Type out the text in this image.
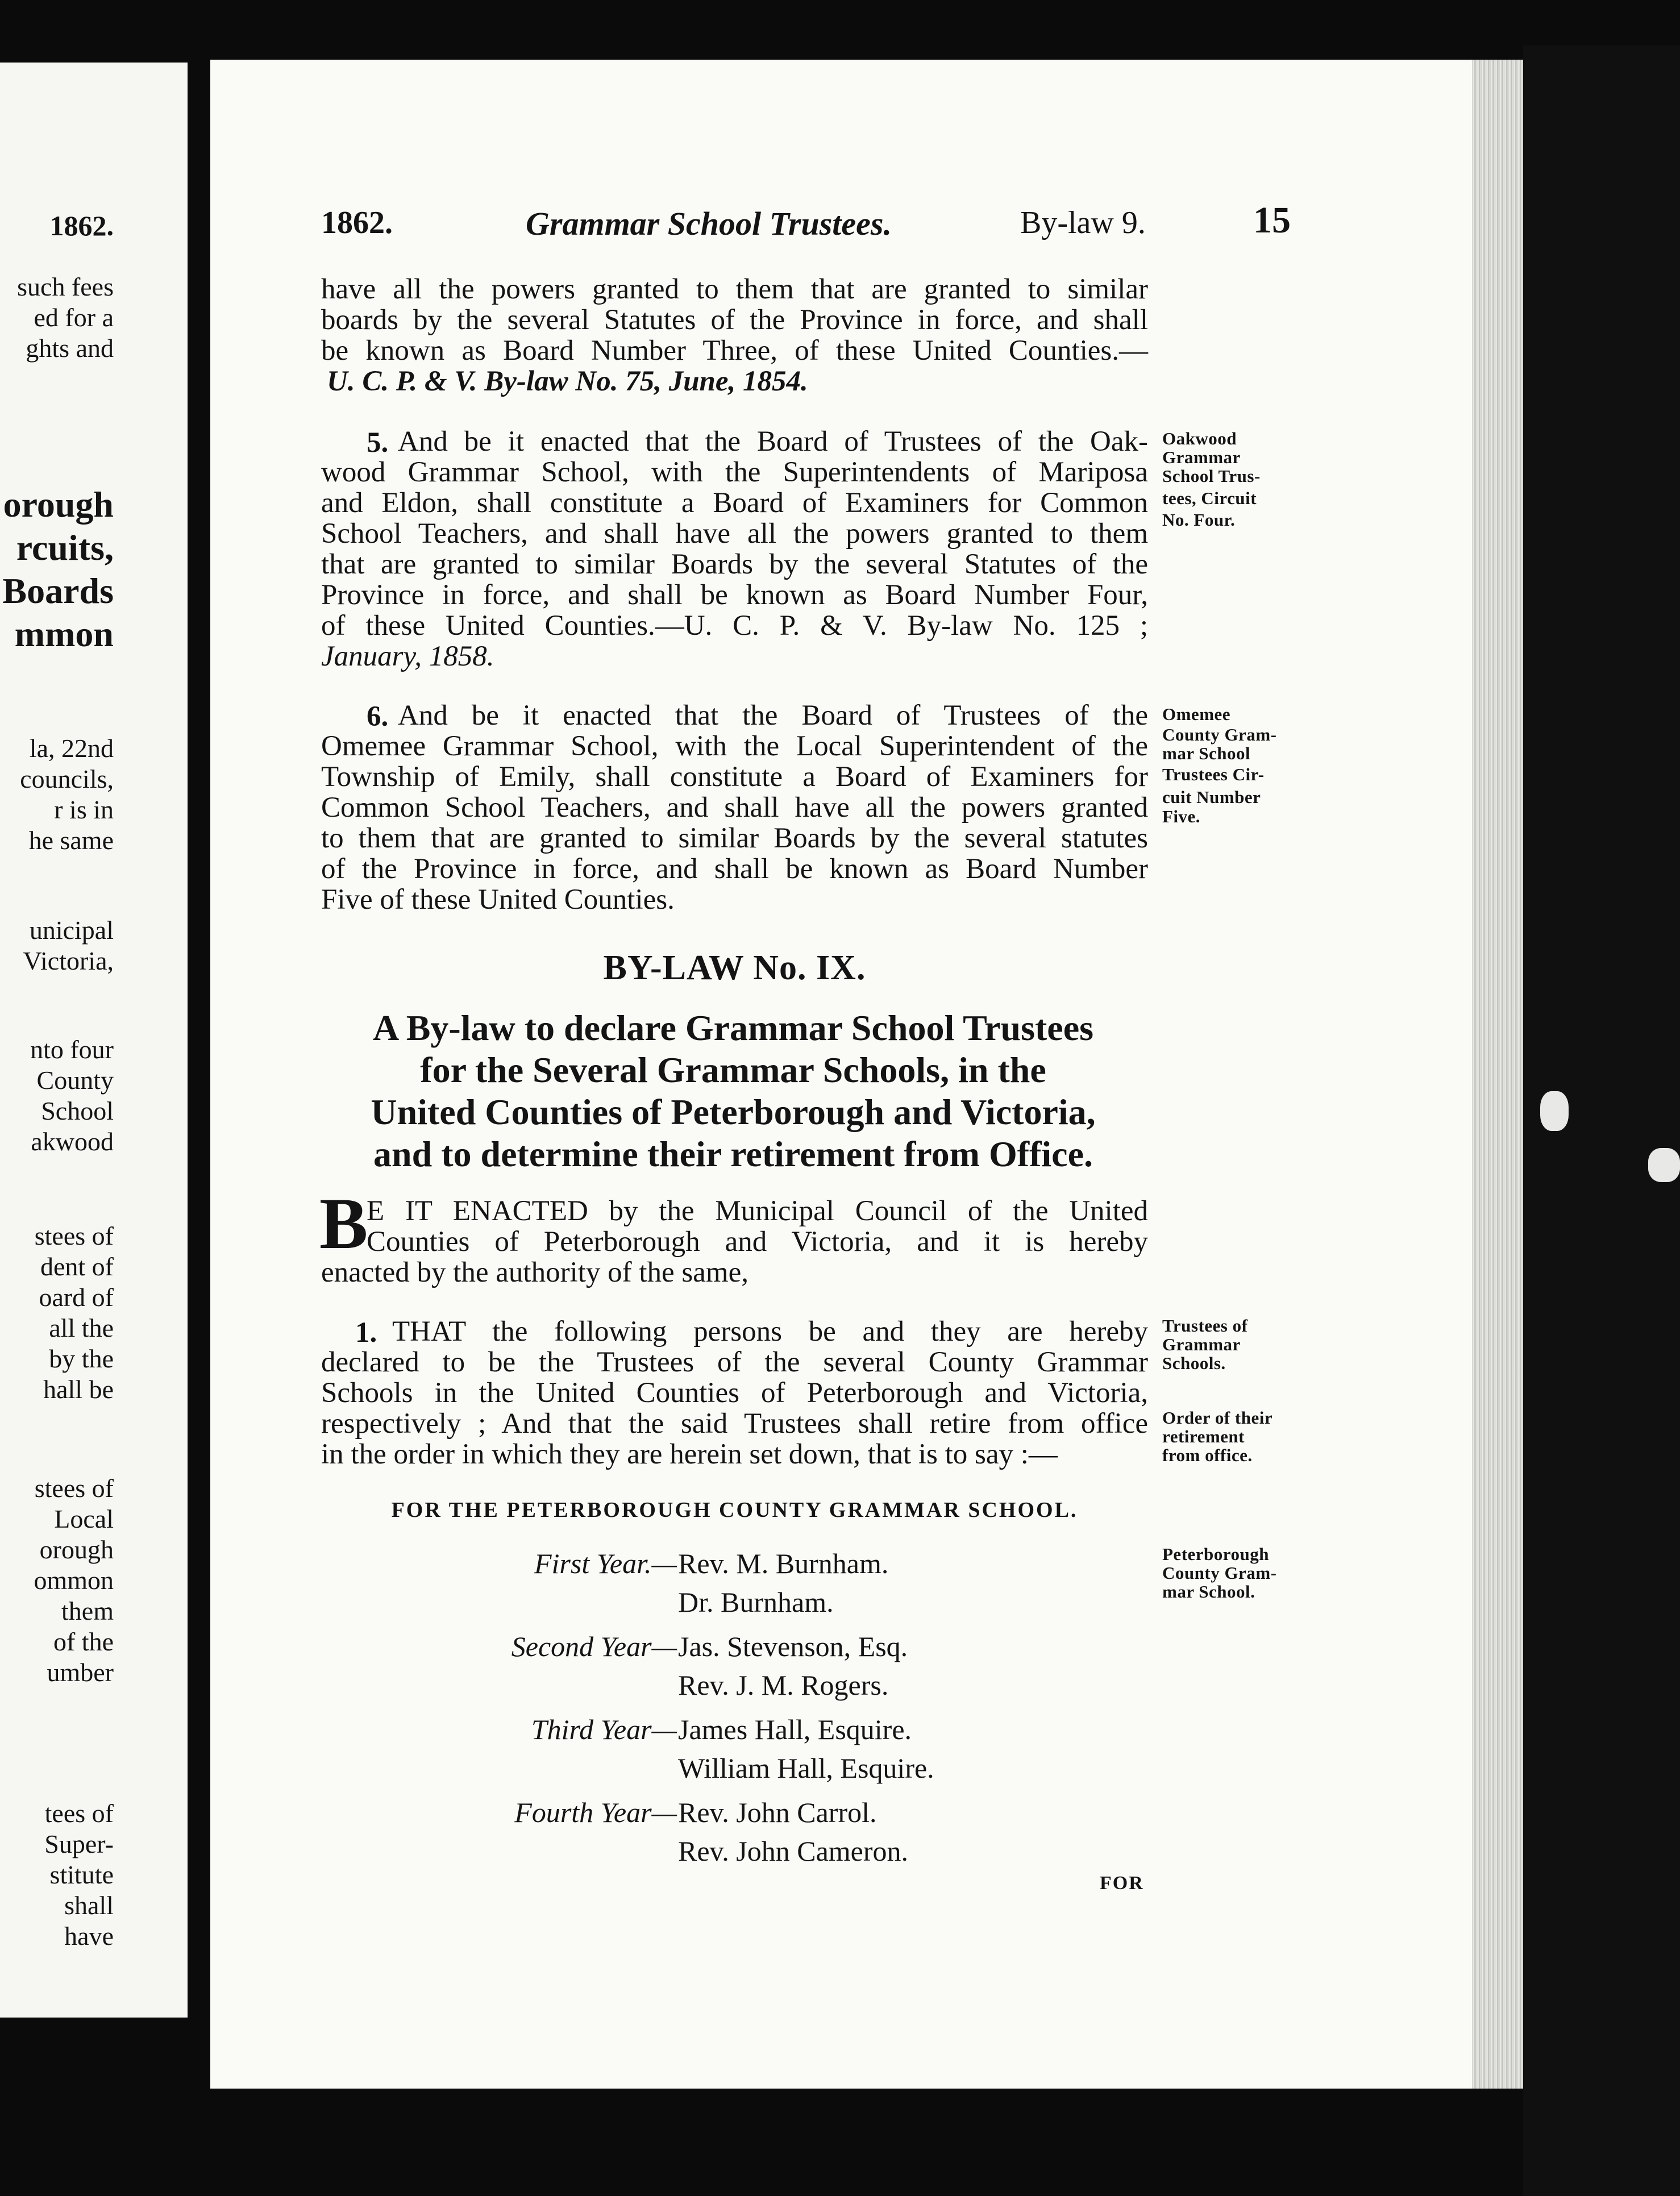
1862.
such fees
ed for a
ghts and
orough
rcuits,
Boards
mmon
la, 22nd
councils,
r is in
he same
unicipal
Victoria,
nto four
County
School
akwood
stees of
dent of
oard of
all the
by the
hall be
stees of
Local
orough
ommon
them
of the
umber
tees of
Super-
stitute
shall
have
1862.	Grammar School Trustees.	By-law 9.	15
have all the powers granted to them that are granted to similar
boards by the several Statutes of the Province in force, and shall
be known as Board Number Three, of these United Counties.—
U. C. P. & V. By-law No. 75, June, 1854.
5. And be it enacted that the Board of Trustees of the Oak-
wood Grammar School, with the Superintendents of Mariposa
and Eldon, shall constitute a Board of Examiners for Common
School Teachers, and shall have all the powers granted to them
that are granted to similar Boards by the several Statutes of the
Province in force, and shall be known as Board Number Four,
of these United Counties.—U. C. P. & V. By-law No. 125 ;
January, 1858.
Oakwood
Grammar
School Trus-
tees, Circuit
No. Four.
6. And be it enacted that the Board of Trustees of the
Omemee Grammar School, with the Local Superintendent of the
Township of Emily, shall constitute a Board of Examiners for
Common School Teachers, and shall have all the powers granted
to them that are granted to similar Boards by the several statutes
of the Province in force, and shall be known as Board Number
Five of these United Counties.
Omemee
County Gram-
mar School
Trustees Cir-
cuit Number
Five.
BY-LAW No. IX.
A By-law to declare Grammar School Trustees
for the Several Grammar Schools, in the
United Counties of Peterborough and Victoria,
and to determine their retirement from Office.
B
E IT ENACTED by the Municipal Council of the United
Counties of Peterborough and Victoria, and it is hereby
enacted by the authority of the same,
1. THAT the following persons be and they are hereby
declared to be the Trustees of the several County Grammar
Schools in the United Counties of Peterborough and Victoria,
respectively ; And that the said Trustees shall retire from office
in the order in which they are herein set down, that is to say :—
Trustees of
Grammar
Schools.
Order of their
retirement
from office.
FOR THE PETERBOROUGH COUNTY GRAMMAR SCHOOL.
Peterborough
County Gram-
mar School.
First Year.— Rev. M. Burnham.
Dr. Burnham.
Second Year— Jas. Stevenson, Esq.
Rev. J. M. Rogers.
Third Year— James Hall, Esquire.
William Hall, Esquire.
Fourth Year— Rev. John Carrol.
Rev. John Cameron.
FOR
